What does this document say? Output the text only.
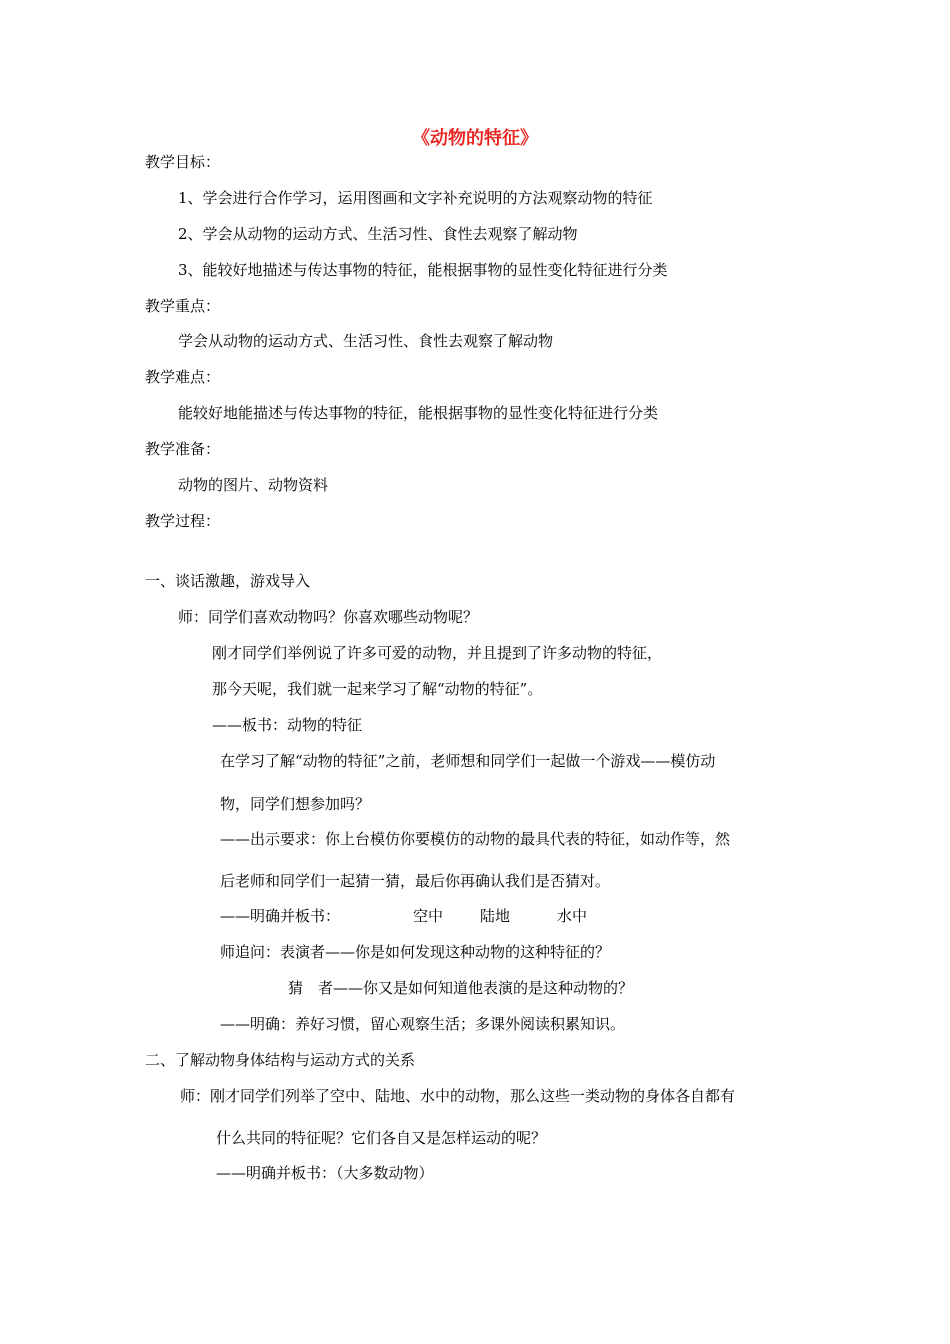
《动物的特征》
教学目标：
1、学会进行合作学习，运用图画和文字补充说明的方法观察动物的特征
2、学会从动物的运动方式、生活习性、食性去观察了解动物
3、能较好地描述与传达事物的特征，能根据事物的显性变化特征进行分类
教学重点：
学会从动物的运动方式、生活习性、食性去观察了解动物
教学难点：
能较好地能描述与传达事物的特征，能根据事物的显性变化特征进行分类
教学准备：
动物的图片、动物资料
教学过程：
一、谈话激趣，游戏导入
师：同学们喜欢动物吗？你喜欢哪些动物呢？
刚才同学们举例说了许多可爱的动物，并且提到了许多动物的特征，
那今天呢，我们就一起来学习了解“动物的特征”。
——板书：动物的特征
在学习了解“动物的特征”之前，老师想和同学们一起做一个游戏——模仿动
物，同学们想参加吗？
——出示要求：你上台模仿你要模仿的动物的最具代表的特征，如动作等，然
后老师和同学们一起猜一猜，最后你再确认我们是否猜对。
——明确并板书：	空中 陆地	水中
师追问：表演者——你是如何发现这种动物的这种特征的？
猜　者——你又是如何知道他表演的是这种动物的？
——明确：养好习惯，留心观察生活；多课外阅读积累知识。
二、了解动物身体结构与运动方式的关系
师：刚才同学们列举了空中、陆地、水中的动物，那么这些一类动物的身体各自都有
什么共同的特征呢？它们各自又是怎样运动的呢？
——明确并板书：（大多数动物）
